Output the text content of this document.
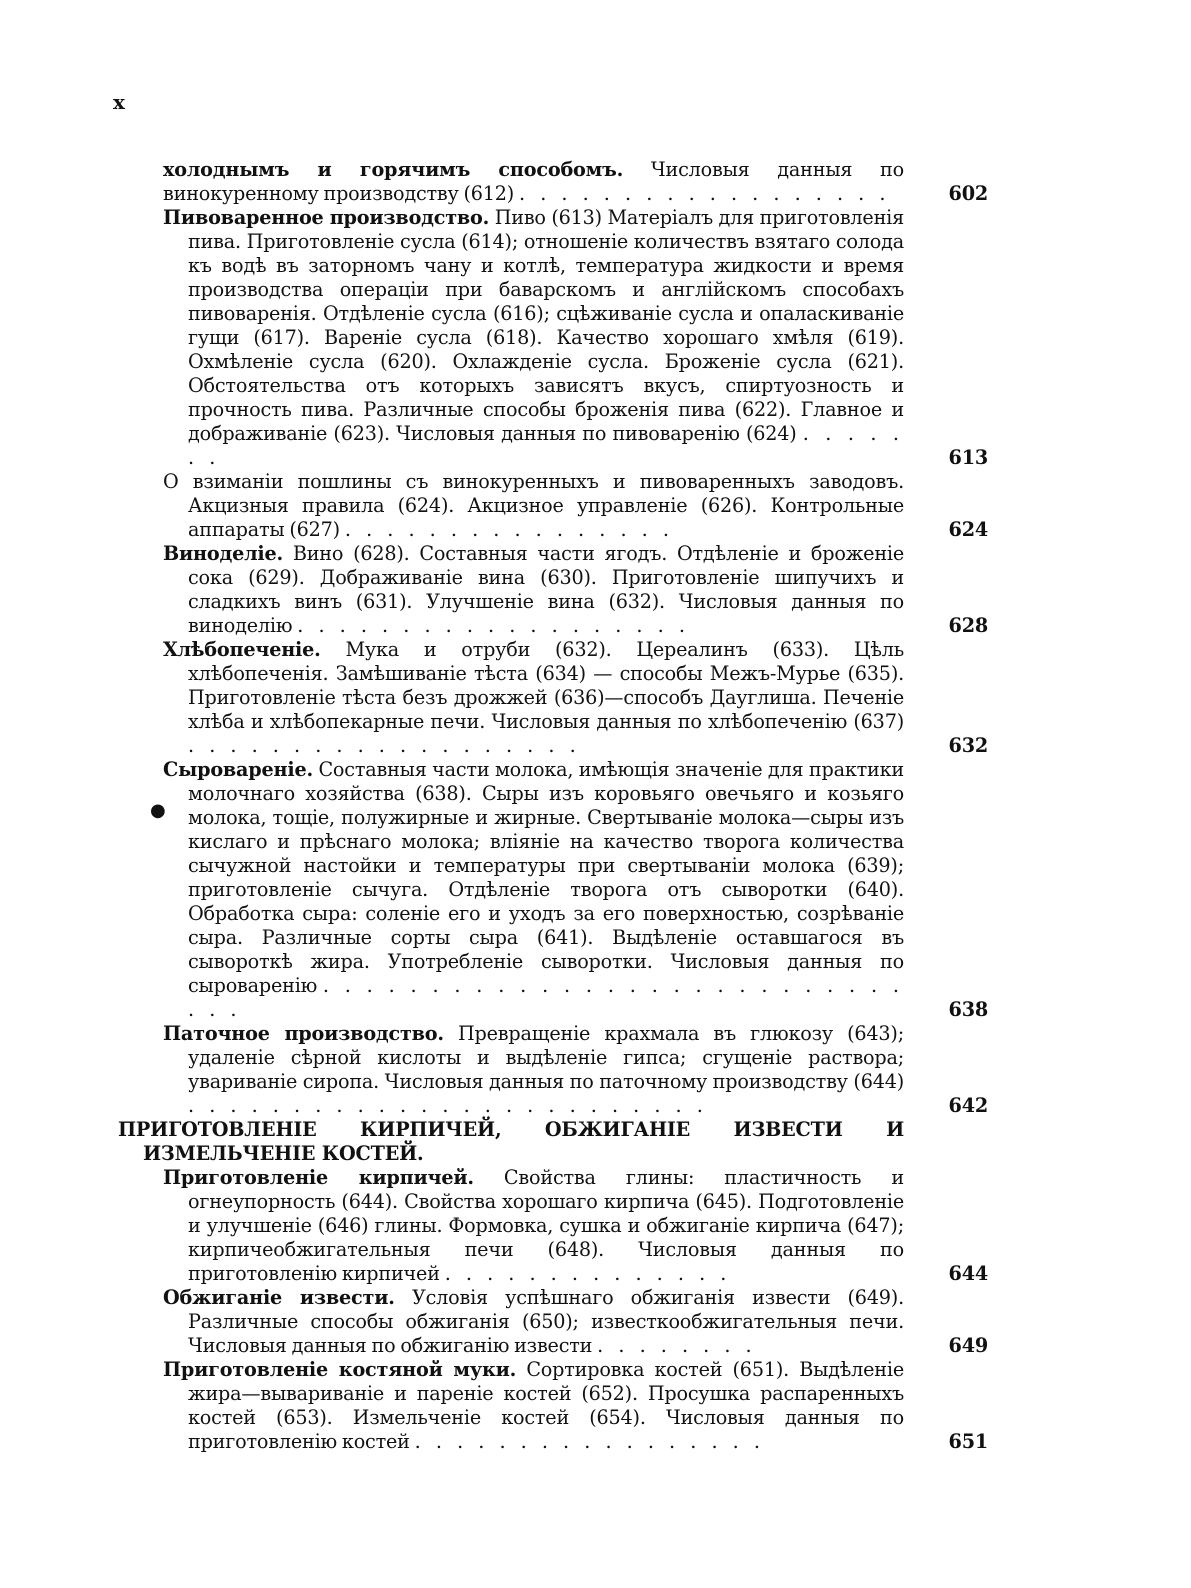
x
холоднымъ и горячимъ способомъ. Числовыя данныя по винокуренному производству (612) . . . . . . . . . . . . . . . . . .	602
Пивоваренное производство. Пиво (613) Матеріалъ для приготовленія пива. Приготовленіе сусла (614); отношеніе количествъ взятаго солода къ водѣ въ заторномъ чану и котлѣ, температура жидкости и время производства операціи при баварскомъ и англійскомъ способахъ пивоваренія. Отдѣленіе сусла (616); сцѣживаніе сусла и опаласкиваніе гущи (617). Вареніе сусла (618). Качество хорошаго хмѣля (619). Охмѣленіе сусла (620). Охлажденіе сусла. Броженіе сусла (621). Обстоятельства отъ которыхъ зависятъ вкусъ, спиртуозность и прочность пива. Различные способы броженія пива (622). Главное и дображиваніе (623). Числовыя данныя по пивоваренію (624) . . . . . . .	613
О взиманіи пошлины съ винокуренныхъ и пивоваренныхъ заводовъ. Акцизныя правила (624). Акцизное управленіе (626). Контрольные аппараты (627) . . . . . . . . . . . . . . . .	624
Виноделіе. Вино (628). Составныя части ягодъ. Отдѣленіе и броженіе сока (629). Дображиваніе вина (630). Приготовленіе шипучихъ и сладкихъ винъ (631). Улучшеніе вина (632). Числовыя данныя по виноделію . . . . . . . . . . . . . . . . . . .	628
Хлѣбопеченіе. Мука и отруби (632). Цереалинъ (633). Цѣль хлѣбопеченія. Замѣшиваніе тѣста (634) — способы Межъ-Мурье (635). Приготовленіе тѣста безъ дрожжей (636)—способъ Дауглиша. Печеніе хлѣба и хлѣбопекарные печи. Числовыя данныя по хлѣбопеченію (637) . . . . . . . . . . . . . . . . . . .	632
Сыровареніе. Составныя части молока, имѣющія значеніе для практики молочнаго хозяйства (638). Сыры изъ коровьяго овечьяго и козьяго молока, тощіе, полужирные и жирные. Свертываніе молока—сыры изъ кислаго и прѣснаго молока; вліяніе на качество творога количества сычужной настойки и температуры при свертываніи молока (639); приготовленіе сычуга. Отдѣленіе творога отъ сыворотки (640). Обработка сыра: соленіе его и уходъ за его поверхностью, созрѣваніе сыра. Различные сорты сыра (641). Выдѣленіе оставшагося въ сывороткѣ жира. Употребленіе сыворотки. Числовыя данныя по сыроваренію . . . . . . . . . . . . . . . . . . . . . . . . . . . . . .	638
Паточное производство. Превращеніе крахмала въ глюкозу (643); удаленіе сѣрной кислоты и выдѣленіе гипса; сгущеніе раствора; увариваніе сиропа. Числовыя данныя по паточному производству (644) . . . . . . . . . . . . . . . . . . . . . . . . .	642
ПРИГОТОВЛЕНІЕ КИРПИЧЕЙ, ОБЖИГАНІЕ ИЗВЕСТИ И ИЗМЕЛЬЧЕНІЕ КОСТЕЙ.
Приготовленіе кирпичей. Свойства глины: пластичность и огнеупорность (644). Свойства хорошаго кирпича (645). Подготовленіе и улучшеніе (646) глины. Формовка, сушка и обжиганіе кирпича (647); кирпичеобжигательныя печи (648). Числовыя данныя по приготовленію кирпичей . . . . . . . . . . . . . .	644
Обжиганіе извести. Условія успѣшнаго обжиганія извести (649). Различные способы обжиганія (650); известкообжигательныя печи. Числовыя данныя по обжиганію извести . . . . . . . .	649
Приготовленіе костяной муки. Сортировка костей (651). Выдѣленіе жира—вывариваніе и пареніе костей (652). Просушка распаренныхъ костей (653). Измельченіе костей (654). Числовыя данныя по приготовленію костей . . . . . . . . . . . . . . . . .	651
●
